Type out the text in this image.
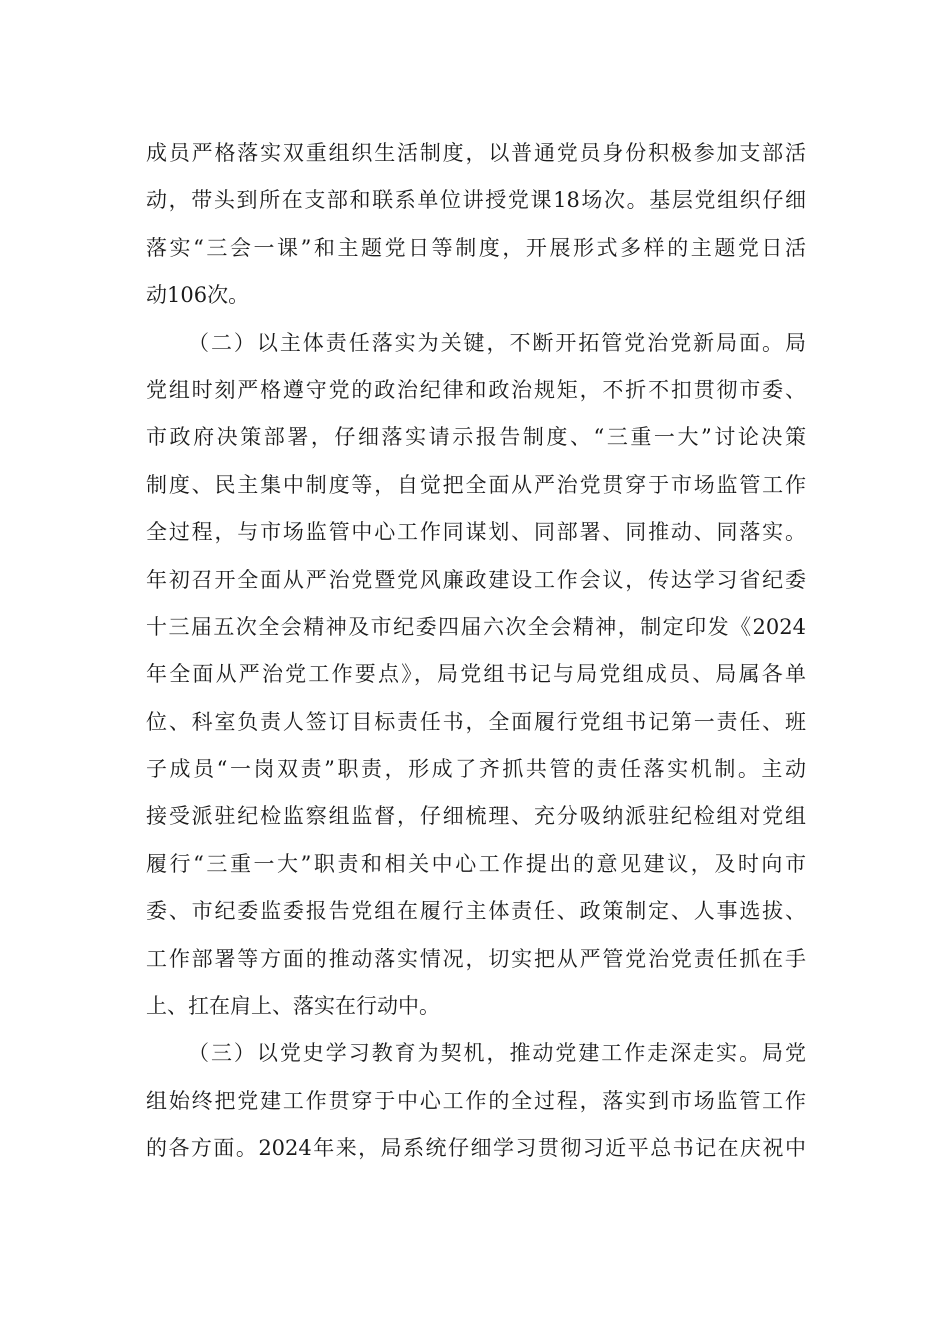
成员严格落实双重组织生活制度，以普通党员身份积极参加支部活
动，带头到所在支部和联系单位讲授党课18场次。基层党组织仔细
落实“三会一课”和主题党日等制度，开展形式多样的主题党日活
动106次。
（二）以主体责任落实为关键，不断开拓管党治党新局面。局
党组时刻严格遵守党的政治纪律和政治规矩，不折不扣贯彻市委、
市政府决策部署，仔细落实请示报告制度、“三重一大”讨论决策
制度、民主集中制度等，自觉把全面从严治党贯穿于市场监管工作
全过程，与市场监管中心工作同谋划、同部署、同推动、同落实。
年初召开全面从严治党暨党风廉政建设工作会议，传达学习省纪委
十三届五次全会精神及市纪委四届六次全会精神，制定印发《2024
年全面从严治党工作要点》，局党组书记与局党组成员、局属各单
位、科室负责人签订目标责任书，全面履行党组书记第一责任、班
子成员“一岗双责”职责，形成了齐抓共管的责任落实机制。主动
接受派驻纪检监察组监督，仔细梳理、充分吸纳派驻纪检组对党组
履行“三重一大”职责和相关中心工作提出的意见建议，及时向市
委、市纪委监委报告党组在履行主体责任、政策制定、人事选拔、
工作部署等方面的推动落实情况，切实把从严管党治党责任抓在手
上、扛在肩上、落实在行动中。
（三）以党史学习教育为契机，推动党建工作走深走实。局党
组始终把党建工作贯穿于中心工作的全过程，落实到市场监管工作
的各方面。2024年来，局系统仔细学习贯彻习近平总书记在庆祝中
